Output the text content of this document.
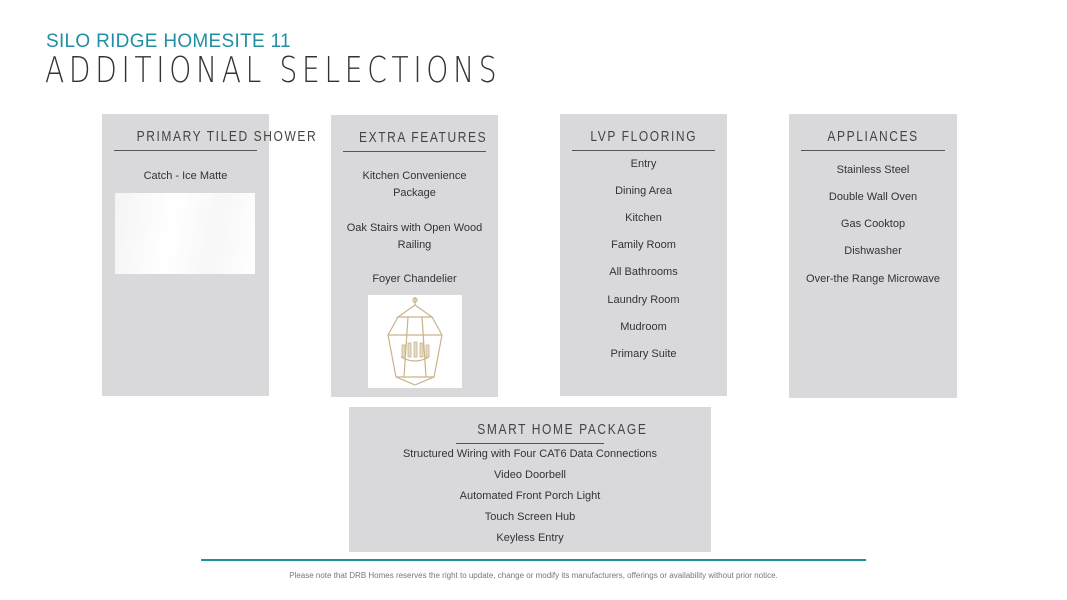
SILO RIDGE HOMESITE 11
ADDITIONAL SELECTIONS
PRIMARY TILED SHOWER
Catch - Ice Matte
EXTRA FEATURES
Kitchen Convenience Package
Oak Stairs with Open Wood Railing
Foyer Chandelier
LVP FLOORING
Entry
Dining Area
Kitchen
Family Room
All Bathrooms
Laundry Room
Mudroom
Primary Suite
APPLIANCES
Stainless Steel
Double Wall Oven
Gas Cooktop
Dishwasher
Over-the Range Microwave
SMART HOME PACKAGE
Structured Wiring with Four CAT6 Data Connections
Video Doorbell
Automated Front Porch Light
Touch Screen Hub
Keyless Entry
Please note that DRB Homes reserves the right to update, change or modify its manufacturers, offerings or availability without prior notice.
